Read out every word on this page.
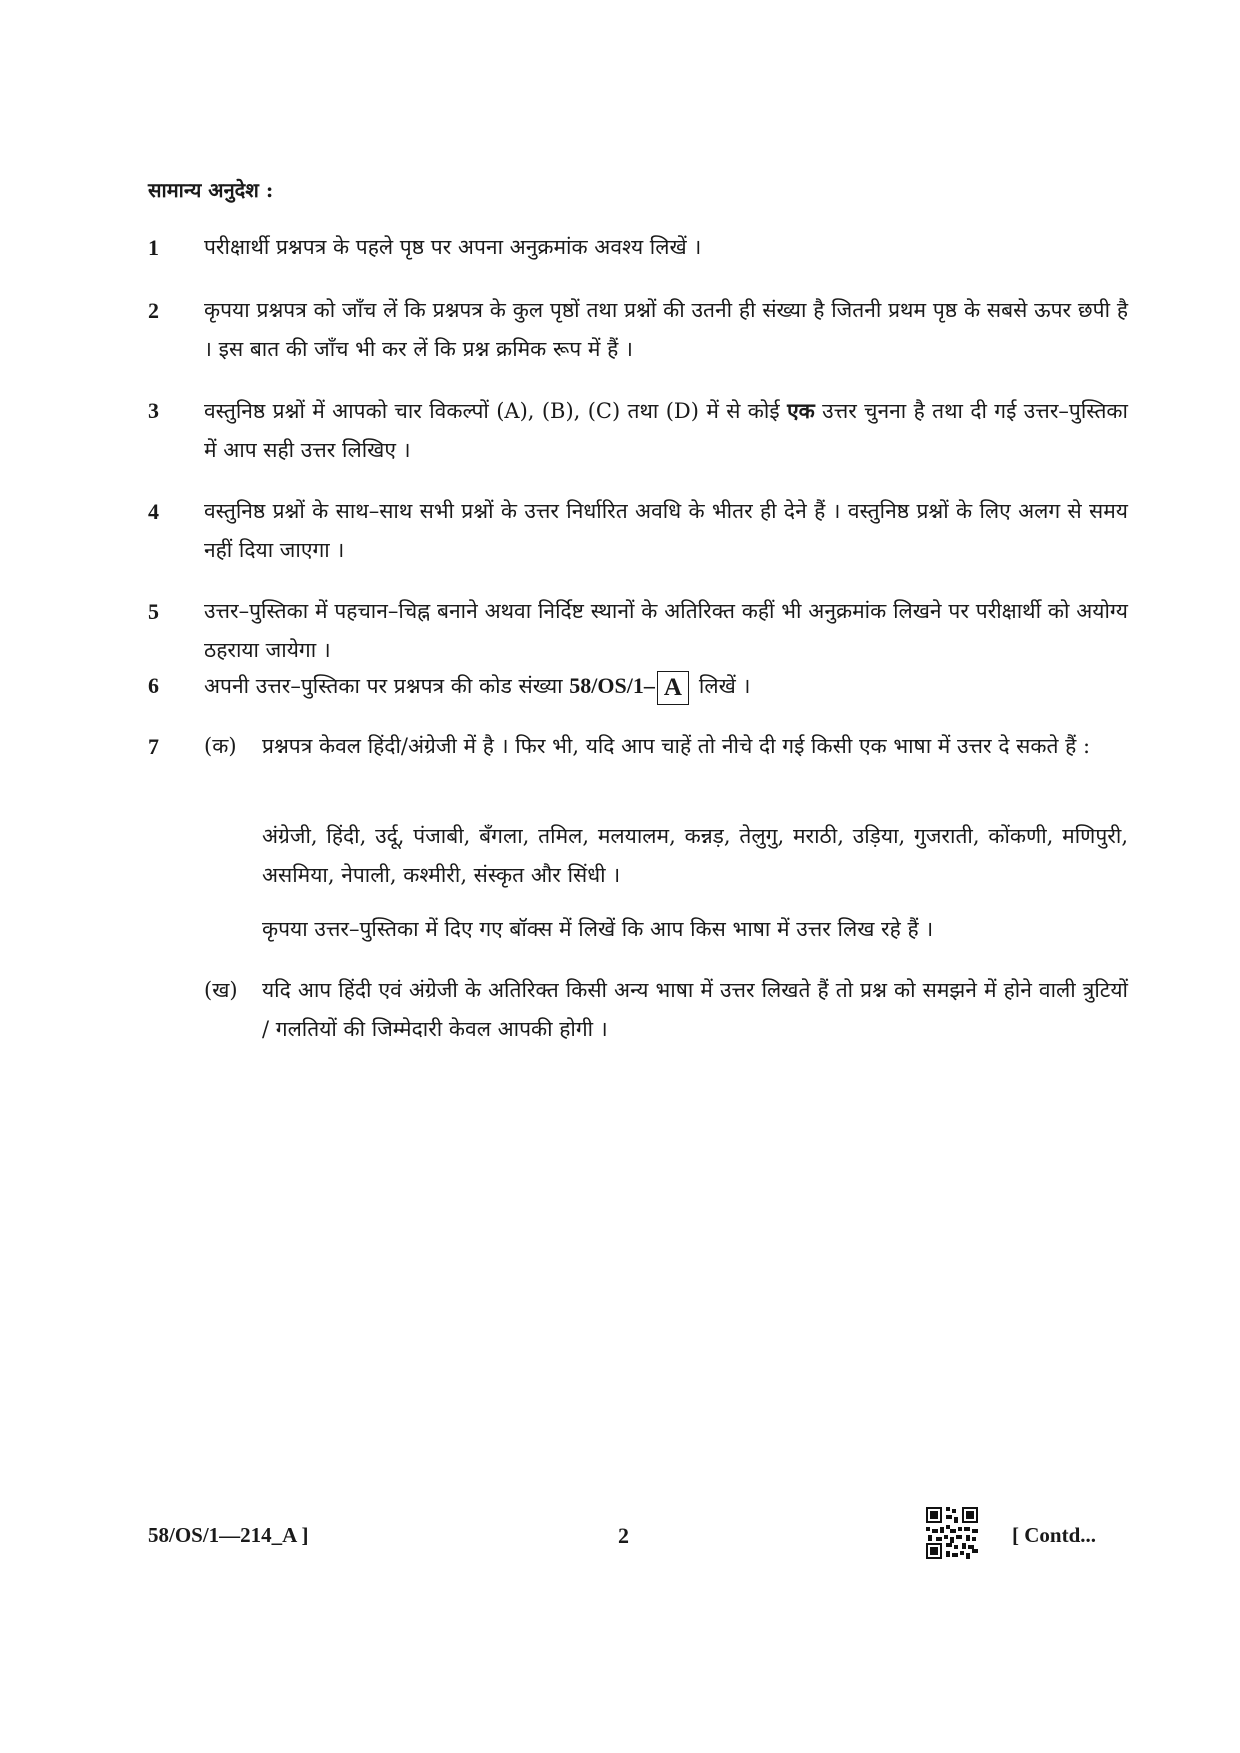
सामान्य अनुदेश :
1	परीक्षार्थी प्रश्नपत्र के पहले पृष्ठ पर अपना अनुक्रमांक अवश्य लिखें ।
2	कृपया प्रश्नपत्र को जाँच लें कि प्रश्नपत्र के कुल पृष्ठों तथा प्रश्नों की उतनी ही संख्या है जितनी प्रथम पृष्ठ के सबसे ऊपर छपी है । इस बात की जाँच भी कर लें कि प्रश्न क्रमिक रूप में हैं ।
3	वस्तुनिष्ठ प्रश्नों में आपको चार विकल्पों (A), (B), (C) तथा (D) में से कोई एक उत्तर चुनना है तथा दी गई उत्तर–पुस्तिका में आप सही उत्तर लिखिए ।
4	वस्तुनिष्ठ प्रश्नों के साथ–साथ सभी प्रश्नों के उत्तर निर्धारित अवधि के भीतर ही देने हैं । वस्तुनिष्ठ प्रश्नों के लिए अलग से समय नहीं दिया जाएगा ।
5	उत्तर–पुस्तिका में पहचान–चिह्न बनाने अथवा निर्दिष्ट स्थानों के अतिरिक्त कहीं भी अनुक्रमांक लिखने पर परीक्षार्थी को अयोग्य ठहराया जायेगा ।
6	अपनी उत्तर–पुस्तिका पर प्रश्नपत्र की कोड संख्या 58/OS/1– A लिखें ।
7	(क)	प्रश्नपत्र केवल हिंदी/अंग्रेजी में है । फिर भी, यदि आप चाहें तो नीचे दी गई किसी एक भाषा में उत्तर दे सकते हैं :
अंग्रेजी, हिंदी, उर्दू, पंजाबी, बँगला, तमिल, मलयालम, कन्नड़, तेलुगु, मराठी, उड़िया, गुजराती, कोंकणी, मणिपुरी, असमिया, नेपाली, कश्मीरी, संस्कृत और सिंधी ।
कृपया उत्तर–पुस्तिका में दिए गए बॉक्स में लिखें कि आप किस भाषा में उत्तर लिख रहे हैं ।
(ख)	यदि आप हिंदी एवं अंग्रेजी के अतिरिक्त किसी अन्य भाषा में उत्तर लिखते हैं तो प्रश्न को समझने में होने वाली त्रुटियों / गलतियों की जिम्मेदारी केवल आपकी होगी ।
58/OS/1—214_A ]	2	[ Contd...
